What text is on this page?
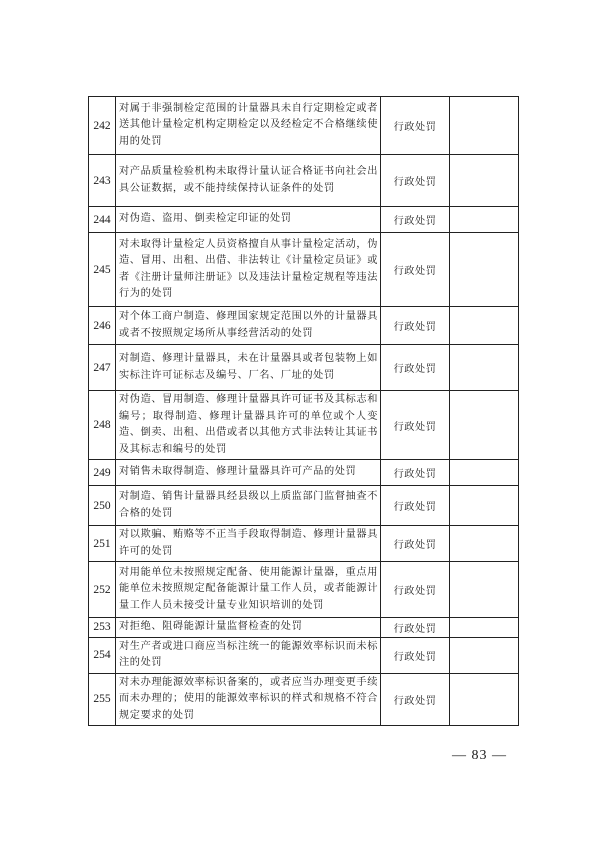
242	对属于非强制检定范围的计量器具未自行定期检定或者送其他计量检定机构定期检定以及经检定不合格继续使用的处罚	行政处罚	
243	对产品质量检验机构未取得计量认证合格证书向社会出具公证数据，或不能持续保持认证条件的处罚	行政处罚	
244	对伪造、盗用、倒卖检定印证的处罚	行政处罚	
245	对未取得计量检定人员资格擅自从事计量检定活动，伪造、冒用、出租、出借、非法转让《计量检定员证》或者《注册计量师注册证》以及违法计量检定规程等违法行为的处罚	行政处罚	
246	对个体工商户制造、修理国家规定范围以外的计量器具或者不按照规定场所从事经营活动的处罚	行政处罚	
247	对制造、修理计量器具，未在计量器具或者包装物上如实标注许可证标志及编号、厂名、厂址的处罚	行政处罚	
248	对伪造、冒用制造、修理计量器具许可证书及其标志和编号；取得制造、修理计量器具许可的单位或个人变造、倒卖、出租、出借或者以其他方式非法转让其证书及其标志和编号的处罚	行政处罚	
249	对销售未取得制造、修理计量器具许可产品的处罚	行政处罚	
250	对制造、销售计量器具经县级以上质监部门监督抽查不合格的处罚	行政处罚	
251	对以欺骗、贿赂等不正当手段取得制造、修理计量器具许可的处罚	行政处罚	
252	对用能单位未按照规定配备、使用能源计量器，重点用能单位未按照规定配备能源计量工作人员，或者能源计量工作人员未接受计量专业知识培训的处罚	行政处罚	
253	对拒绝、阻碍能源计量监督检查的处罚	行政处罚	
254	对生产者或进口商应当标注统一的能源效率标识而未标注的处罚	行政处罚	
255	对未办理能源效率标识备案的，或者应当办理变更手续而未办理的；使用的能源效率标识的样式和规格不符合规定要求的处罚	行政处罚	
— 83 —
